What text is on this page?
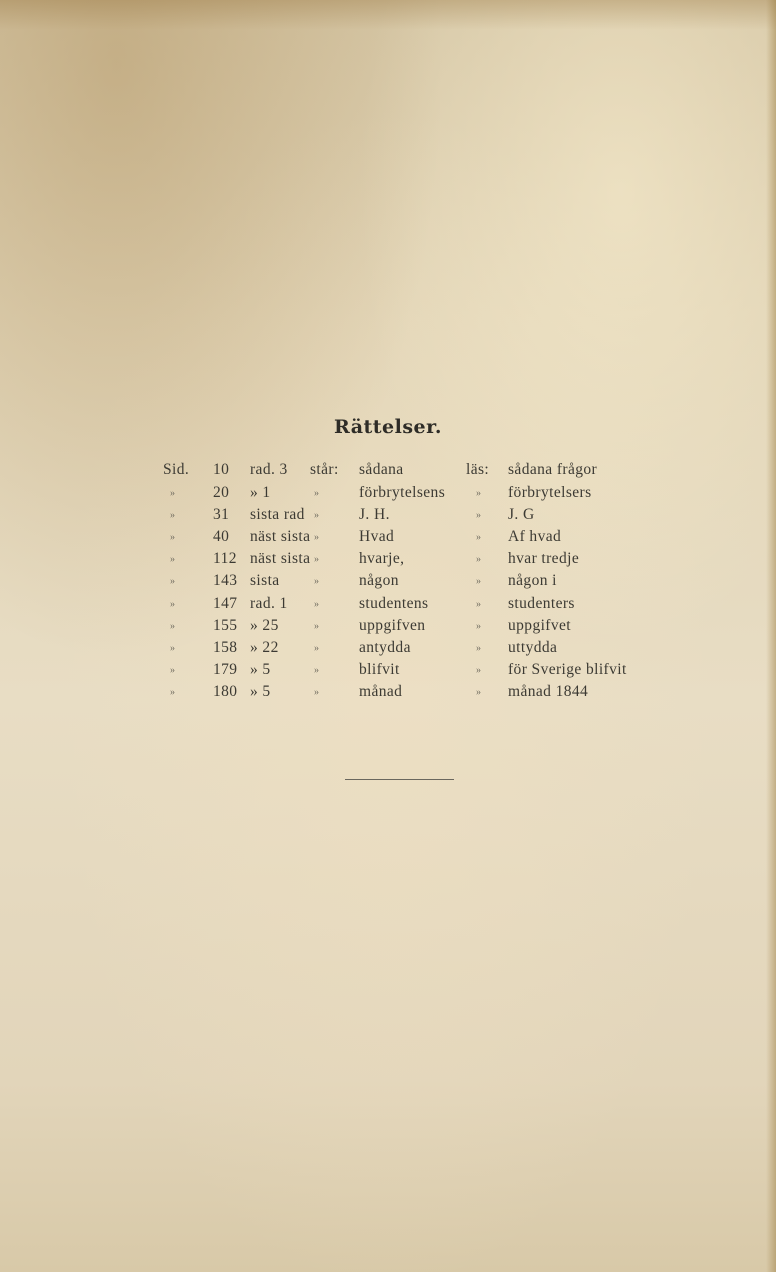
Rättelser.
Sid. 10	rad. 3 står: sådana	läs: sådana frågor
» 20	» 1	»	förbrytelsens	» förbrytelsers
» 31	sista rad »	J. H.	» J. G
» 40	näst sista »	Hvad	» Af hvad
» 112 näst sista »	hvarje,	» hvar tredje
» 143 sista	»	någon	» någon i
» 147 rad. 1	»	studentens	» studenters
» 155 » 25	»	uppgifven	» uppgifvet
» 158 » 22	»	antydda	» uttydda
» 179 » 5	»	blifvit	» för Sverige blifvit
» 180 » 5	»	månad	» månad 1844
